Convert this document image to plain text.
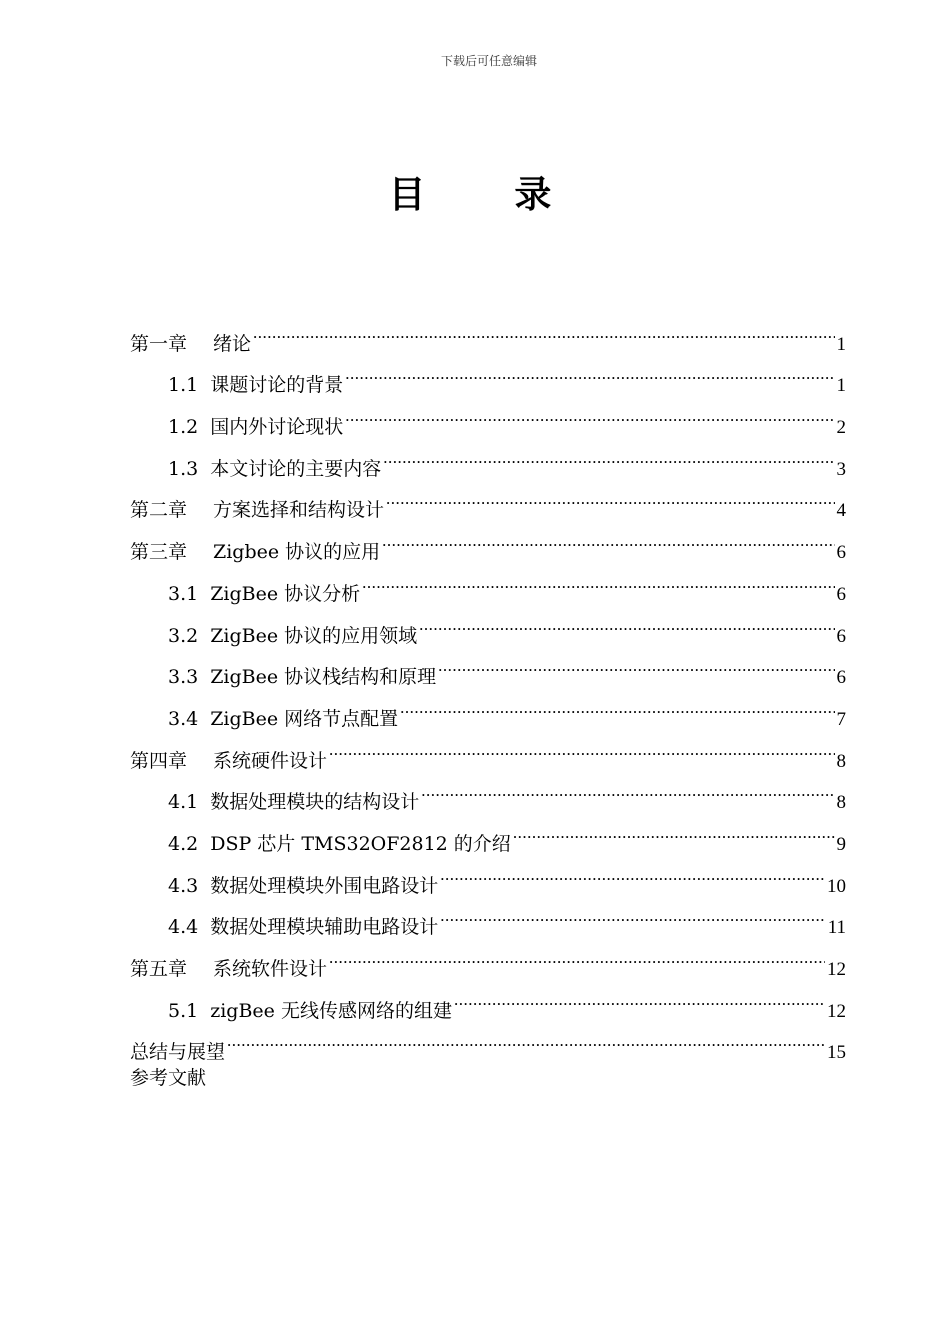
下载后可任意编辑
目 录
第一章 绪论 .....	1
1.1 课题讨论的背景 .....	1
1.2 国内外讨论现状 .....	2
1.3 本文讨论的主要内容 .....	3
第二章 方案选择和结构设计 .....	4
第三章 Zigbee 协议的应用 .....	6
3.1 ZigBee 协议分析 .....	6
3.2 ZigBee 协议的应用领域 .....	6
3.3 ZigBee 协议栈结构和原理 .....	6
3.4 ZigBee 网络节点配置 .....	7
第四章 系统硬件设计 .....	8
4.1 数据处理模块的结构设计 .....	8
4.2 DSP 芯片 TMS32OF2812 的介绍 .....	9
4.3 数据处理模块外围电路设计 .....	10
4.4 数据处理模块辅助电路设计 .....	11
第五章 系统软件设计 .....	12
5.1 zigBee 无线传感网络的组建 .....	12
总结与展望 .....	15
参考文献
